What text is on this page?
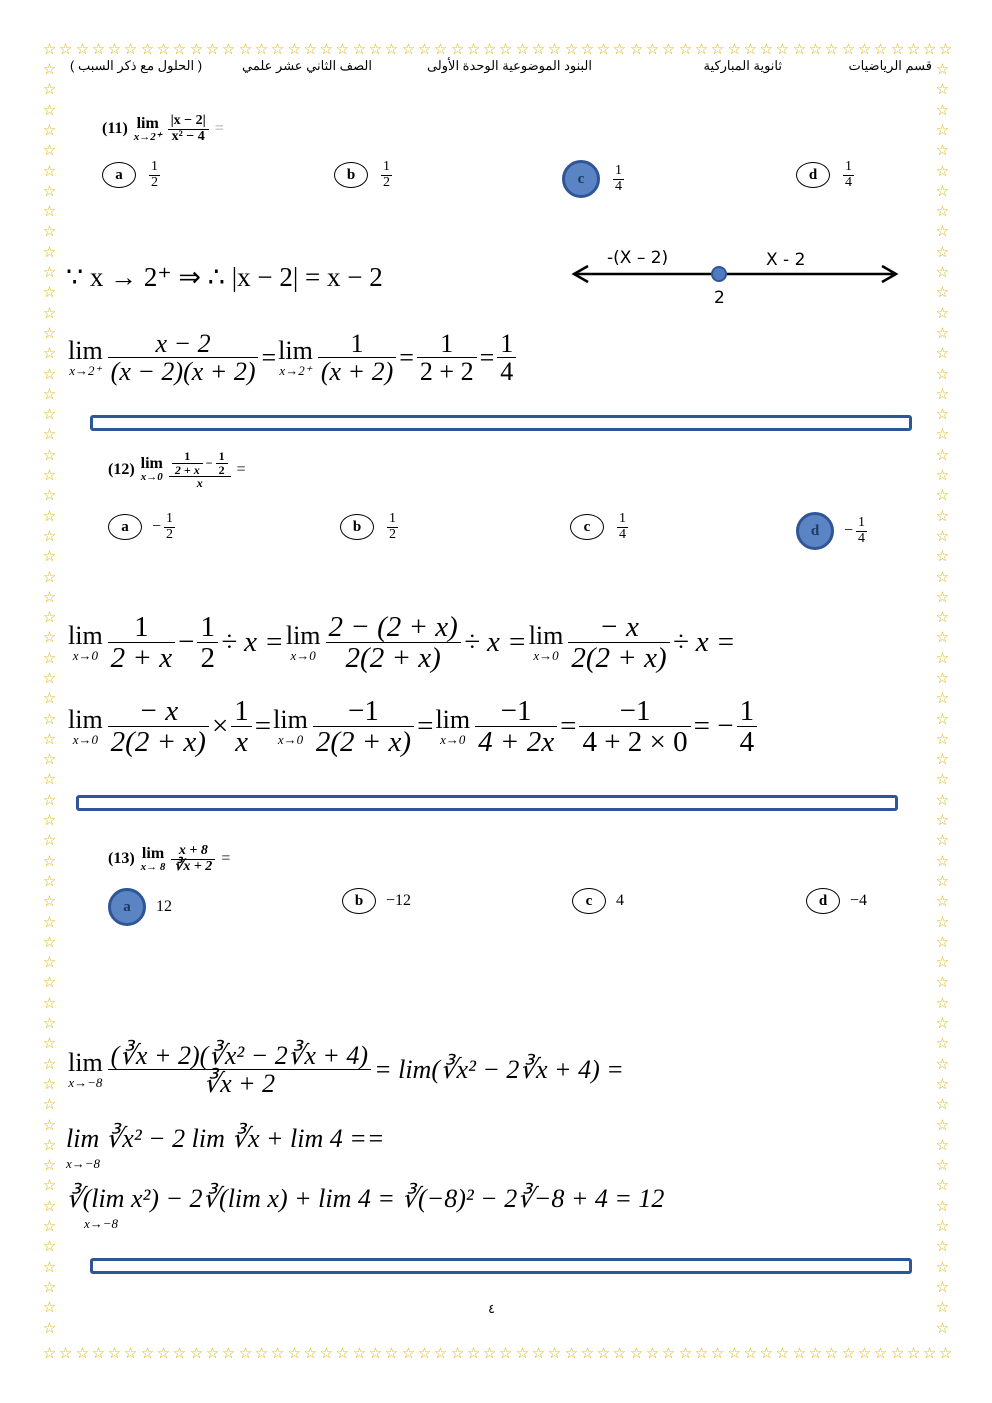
☆
☆
☆
☆
☆
☆
☆
☆
☆
☆
☆
☆
☆
☆
☆
☆
☆
☆
☆
☆
☆
☆
☆
☆
☆
☆
☆
☆
☆
☆
☆
☆
☆
☆
☆
☆
☆
☆
☆
☆
☆
☆
☆
☆
☆
☆
☆
☆
☆
☆
☆
☆
☆
☆
☆
☆
☆
☆
☆
☆
☆
☆
☆
☆
☆
☆
☆
☆
☆
☆
☆
☆
☆
☆
☆
☆
☆
☆
☆
☆
☆
☆
☆
☆
☆
☆
☆
☆
☆
☆
☆
☆
☆
☆
☆
☆
☆
☆
☆
☆
☆
☆
☆
☆
☆
☆
☆
☆
☆
☆
☆
☆
☆	☆
☆	☆
☆	☆
☆	☆
☆	☆
☆	☆
☆	☆
☆	☆
☆	☆
☆	☆
☆	☆
☆	☆
☆	☆
☆	☆
☆	☆
☆	☆
☆	☆
☆	☆
☆	☆
☆	☆
☆	☆
☆	☆
☆	☆
☆	☆
☆	☆
☆	☆
☆	☆
☆	☆
☆	☆
☆	☆
☆	☆
☆	☆
☆	☆
☆	☆
☆	☆
☆	☆
☆	☆
☆	☆
☆	☆
☆	☆
☆	☆
☆	☆
☆	☆
☆	☆
☆	☆
☆	☆
☆	☆
☆	☆
☆	☆
☆	☆
☆	☆
☆	☆
☆	☆
☆	☆
☆	☆
☆	☆
☆	☆
☆	☆
☆	☆
☆	☆
☆	☆
☆	☆
☆	☆
قسم الرياضيات
ثانوية المباركية
البنود الموضوعية الوحدة الأولى
الصف الثاني عشر علمي
( الحلول مع ذكر السبب )
(11) lim
$x\to 2^+ \frac{|x - 2|}{\text{x² − 4}}$ =
a	$\frac{1}{2}$	b	$\frac{1}{2}$	c	$\frac{1}{4}$	d	$\frac{1}{4}$
∵ x → 2⁺ ⇒ ∴ |x − 2| = x − 2
-(X – 2)	X - 2
2
lim
$x\to 2^+ \frac{x - 2}{(x - 2)(x + 2)} = \lim$
$x\to 2^+ \frac{1}{(x + 2)} = \frac{1}{2 + 2} = \frac{1}{4}$
(12) lim
$x\to 0 \frac{\frac{1}{2 + x} - \frac{1}{2}}{x}$ =
a	− $\frac{1}{2}$	b	$\frac{1}{2}$	c	$\frac{1}{4}$	d	− $\frac{1}{4}$
lim
$x\to 0 \frac{1}{2 + x} - \frac{1}{2} \div x = \lim$
$x\to 0 \frac{2 - (2 + x)}{2(2 + x)} \div x = \lim$
$x\to 0 \frac{- x}{2(2 + x)} \div x$ =
lim
$x\to 0 \frac{- x}{2(2 + x)} \times \frac{1}{x} = \lim$
$x\to 0 \frac{-1}{2(2 + x)} = \lim$
$x\to 0 \frac{-1}{4 + 2x} = \frac{-1}{4 + 2 \times 0}$ = − $\frac{1}{4}$
(13) lim
$x\to 8 \frac{x + 8}{∛x + 2}$ =
a	12	b	−12	c	4	d	−4
lim
$x\to-8 \frac{\text{(∛x + 2)(∛x² − 2∛x + 4)}}{∛x + 2}$ = lim(∛x² − 2∛x + 4) =
lim ∛x² − 2 lim ∛x + lim 4 ==
x→−8
∛(lim x²) − 2∛(lim x) + lim 4 = ∛(−8)² − 2∛−8 + 4 = 12
x→−8
٤
